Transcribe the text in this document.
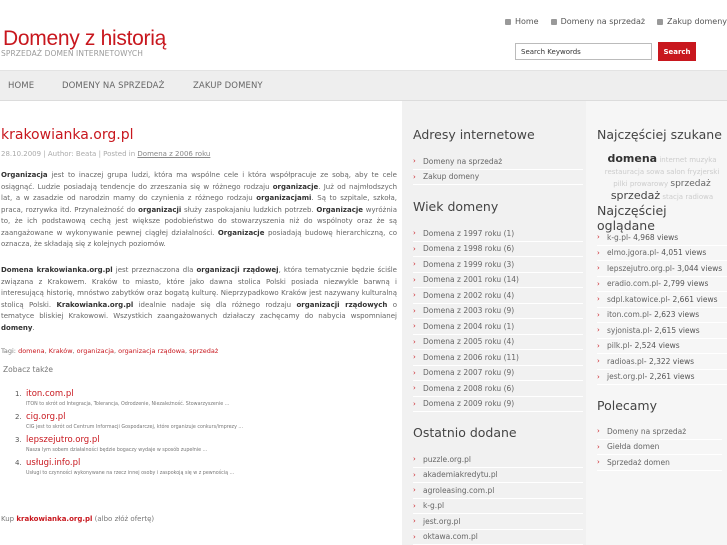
Domeny z historią
SPRZEDAŻ DOMEN INTERNETOWYCH
Home	Domeny na sprzedaż	Zakup domeny
Search Keywords
Search
HOME	DOMENY NA SPRZEDAŻ	ZAKUP DOMENY
krakowianka.org.pl
28.10.2009 | Author: Beata | Posted in Domena z 2006 roku
Organizacja jest to inaczej grupa ludzi, która ma wspólne cele i która współpracuje ze sobą, aby te cele osiągnąć. Ludzie posiadają tendencje do zrzeszania się w różnego rodzaju organizacje. Już od najmłodszych lat, a w zasadzie od narodzin mamy do czynienia z różnego rodzaju organizacjami. Są to szpitale, szkoła, praca, rozrywka itd. Przynależność do organizacji służy zaspokajaniu ludzkich potrzeb. Organizacje wyróżnia to, że ich podstawową cechą jest większe podobieństwo do stowarzyszenia niż do wspólnoty oraz że są zaangażowane w wykonywanie pewnej ciągłej działalności. Organizacje posiadają budowę hierarchiczną, co oznacza, że składają się z kolejnych poziomów.
Domena krakowianka.org.pl jest przeznaczona dla organizacji rządowej, która tematycznie będzie ściśle związana z Krakowem. Kraków to miasto, które jako dawna stolica Polski posiada niezwykle barwną i interesującą historię, mnóstwo zabytków oraz bogatą kulturę. Nieprzypadkowo Kraków jest nazywany kulturalną stolicą Polski. Krakowianka.org.pl idealnie nadaje się dla różnego rodzaju organizacji rządowych o tematyce bliskiej Krakowowi. Wszystkich zaangażowanych działaczy zachęcamy do nabycia wspomnianej domeny.
Tagi: domena, Kraków, organizacja, organizacja rządowa, sprzedaż
Zobacz także
1. iton.com.pl
ITON to skrót od Integracja, Tolerancja, Odrodzenie, Niezależność. Stowarzyszenie ...
2. cig.org.pl
CIG jest to skrót od Centrum Informacji Gospodarczej, które organizuje conkurs/imprezy ...
3. lepszejutro.org.pl
Nasza lym sobem działalności będzie bogaczy wydaje w sposób zupełnie ...
4. usługi.info.pl
Usługi to czynności wykonywane na rzecz innej osoby i zaspokoją się w z pewnością ...
Kup krakowianka.org.pl (albo złóż ofertę)
Adresy internetowe
› Domeny na sprzedaż
› Zakup domeny
Wiek domeny
› Domena z 1997 roku (1)
› Domena z 1998 roku (6)
› Domena z 1999 roku (3)
› Domena z 2001 roku (14)
› Domena z 2002 roku (4)
› Domena z 2003 roku (9)
› Domena z 2004 roku (1)
› Domena z 2005 roku (4)
› Domena z 2006 roku (11)
› Domena z 2007 roku (9)
› Domena z 2008 roku (6)
› Domena z 2009 roku (9)
Ostatnio dodane
› puzzle.org.pl
› akademiakredytu.pl
› agroleasing.com.pl
› k-g.pl
› jest.org.pl
› oktawa.com.pl
Najczęściej szukane
domena internet muzyka restauracja sowa salon fryzjerski pilki prowarowy sprzedaż sprzedaż stacja radiowa
Najczęściej oglądane
› k-g.pl - 4,968 views
› elmo.jgora.pl - 4,051 views
› lepszejutro.org.pl - 3,044 views
› eradio.com.pl - 2,799 views
› sdpl.katowice.pl - 2,661 views
› iton.com.pl - 2,623 views
› syjonista.pl - 2,615 views
› pilk.pl - 2,524 views
› radioas.pl - 2,322 views
› jest.org.pl - 2,261 views
Polecamy
› Domeny na sprzedaż
› Giełda domen
› Sprzedaż domen
